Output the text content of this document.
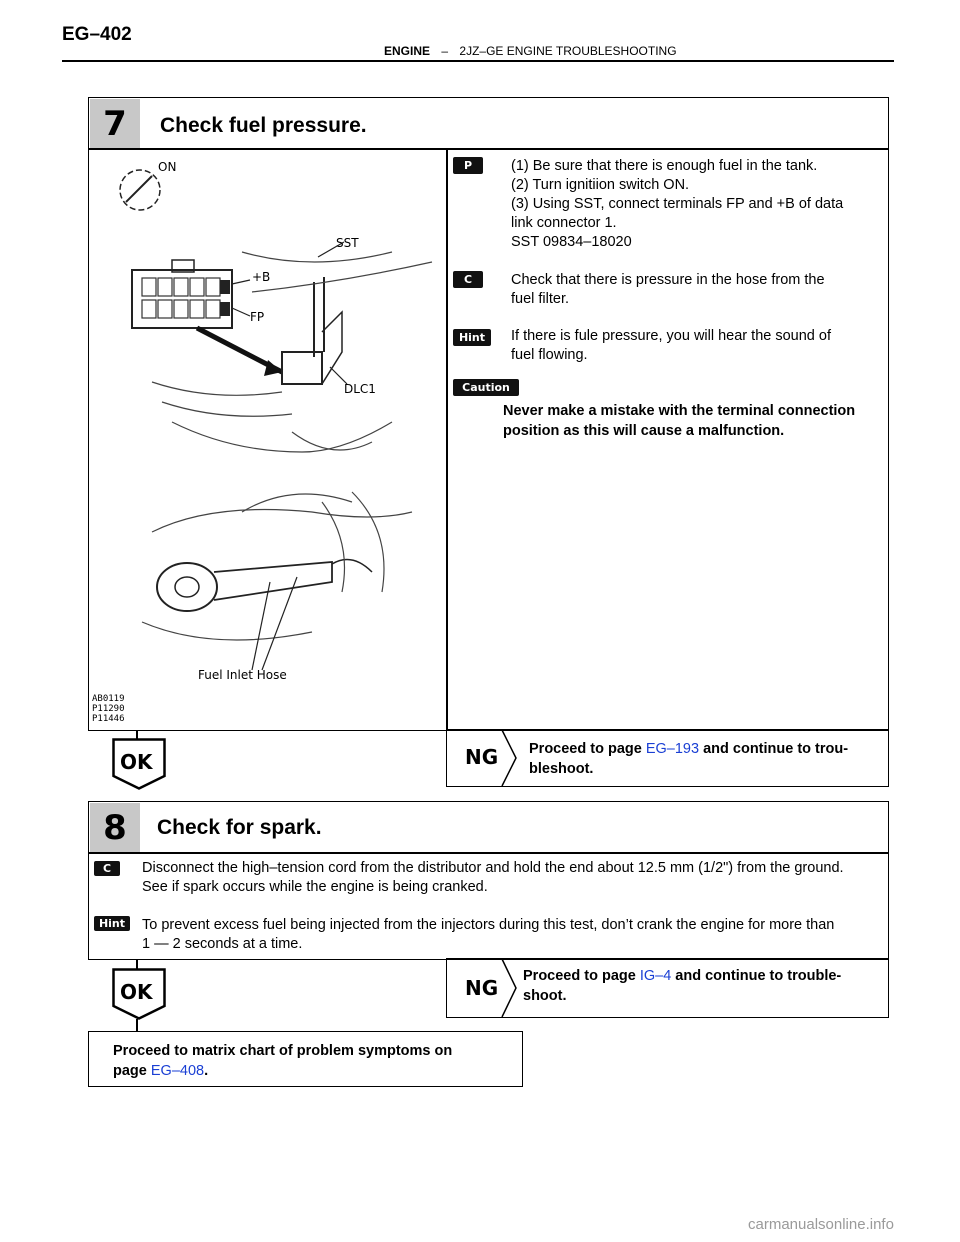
EG–402
ENGINE – 2JZ–GE ENGINE TROUBLESHOOTING
7	Check fuel pressure.
ON
SST
+B
FP
DLC1
Fuel Inlet Hose
AB0119
P11290
P11446
P	(1) Be sure that there is enough fuel in the tank.
(2) Turn ignitiion switch ON.
(3) Using SST, connect terminals FP and +B of data
link connector 1.
SST 09834–18020
C	Check that there is pressure in the hose from the
fuel filter.
Hint	If there is fule pressure, you will hear the sound of
fuel flowing.
Caution
Never make a mistake with the terminal connection
position as this will cause a malfunction.
OK	NG Proceed to page EG–193 and continue to trou-
bleshoot.
8	Check for spark.
C	Disconnect the high–tension cord from the distributor and hold the end about 12.5 mm (1/2") from the ground.
See if spark occurs while the engine is being cranked.
Hint	To prevent excess fuel being injected from the injectors during this test, don’t crank the engine for more than
1 — 2 seconds at a time.
OK	NG Proceed to page IG–4 and continue to trouble-
shoot.
Proceed to matrix chart of problem symptoms on
page EG–408.
carmanualsonline.info
